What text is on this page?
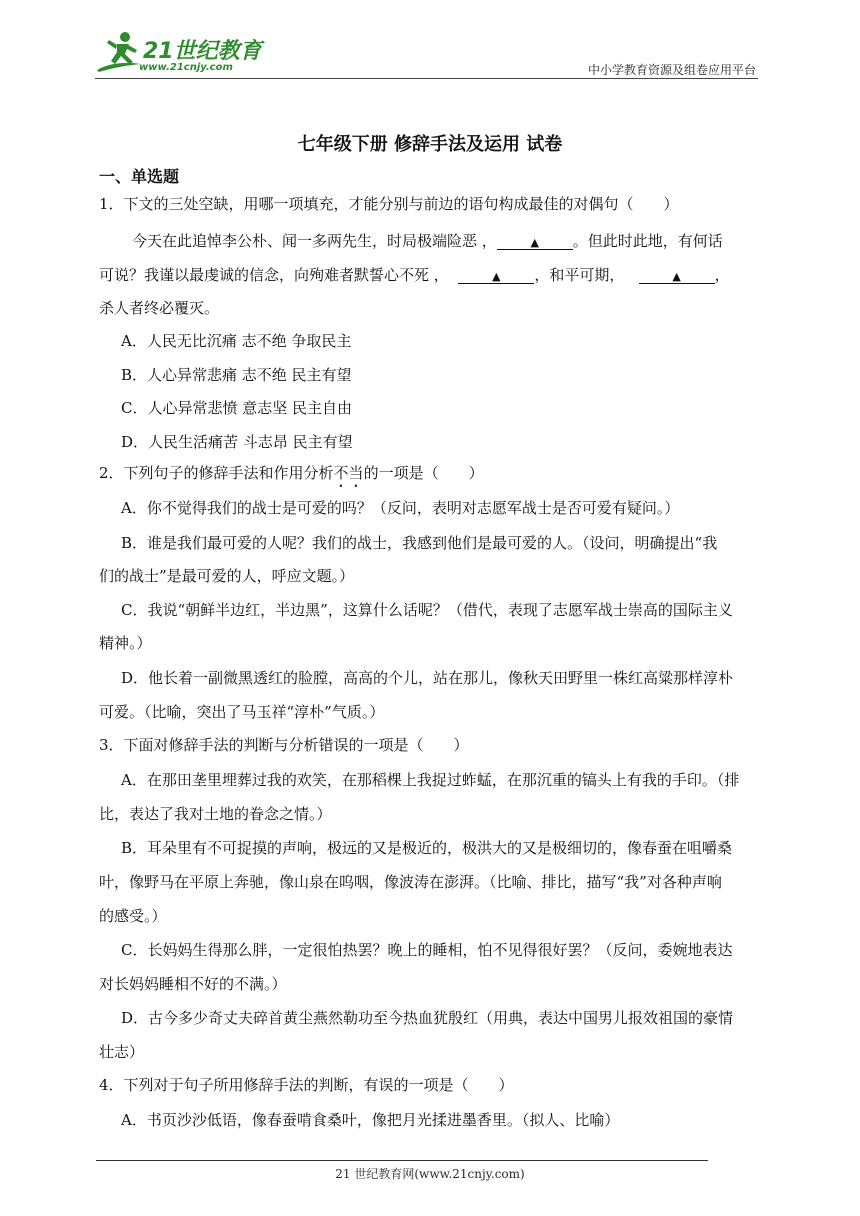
21世纪教育
www.21cnjy.com	中小学教育资源及组卷应用平台
七年级下册 修辞手法及运用 试卷
一、单选题
1．下文的三处空缺，用哪一项填充，才能分别与前边的语句构成最佳的对偶句（　　）
今天在此追悼李公朴、闻一多两先生，时局极端险恶 ，	▲ 。但此时此地，有何话
可说？我谨以最虔诚的信念，向殉难者默誓心不死 ，	▲ ，和平可期，	▲ ，
杀人者终必覆灭。
A．人民无比沉痛 志不绝 争取民主
B．人心异常悲痛 志不绝 民主有望
C．人心异常悲愤 意志坚 民主自由
D．人民生活痛苦 斗志昂 民主有望
2．下列句子的修辞手法和作用分析不当的一项是（　　）
A．你不觉得我们的战士是可爱的吗？（反问，表明对志愿军战士是否可爱有疑问。）
B．谁是我们最可爱的人呢？我们的战士，我感到他们是最可爱的人。（设问，明确提出“我
们的战士”是最可爱的人，呼应文题。）
C．我说“朝鲜半边红，半边黑”，这算什么话呢？（借代，表现了志愿军战士崇高的国际主义
精神。）
D．他长着一副微黑透红的脸膛，高高的个儿，站在那儿，像秋天田野里一株红高粱那样淳朴
可爱。（比喻，突出了马玉祥“淳朴”气质。）
3．下面对修辞手法的判断与分析错误的一项是（　　）
A．在那田垄里埋葬过我的欢笑，在那稻棵上我捉过蚱蜢，在那沉重的镐头上有我的手印。（排
比，表达了我对土地的眷念之情。）
B．耳朵里有不可捉摸的声响，极远的又是极近的，极洪大的又是极细切的，像春蚕在咀嚼桑
叶，像野马在平原上奔驰，像山泉在呜咽，像波涛在澎湃。（比喻、排比，描写“我”对各种声响
的感受。）
C．长妈妈生得那么胖，一定很怕热罢？晚上的睡相，怕不见得很好罢？（反问，委婉地表达
对长妈妈睡相不好的不满。）
D．古今多少奇丈夫碎首黄尘燕然勒功至今热血犹殷红（用典，表达中国男儿报效祖国的豪情
壮志）
4．下列对于句子所用修辞手法的判断，有误的一项是（　　）
A．书页沙沙低语，像春蚕啃食桑叶，像把月光揉进墨香里。（拟人、比喻）
21 世纪教育网(www.21cnjy.com)
